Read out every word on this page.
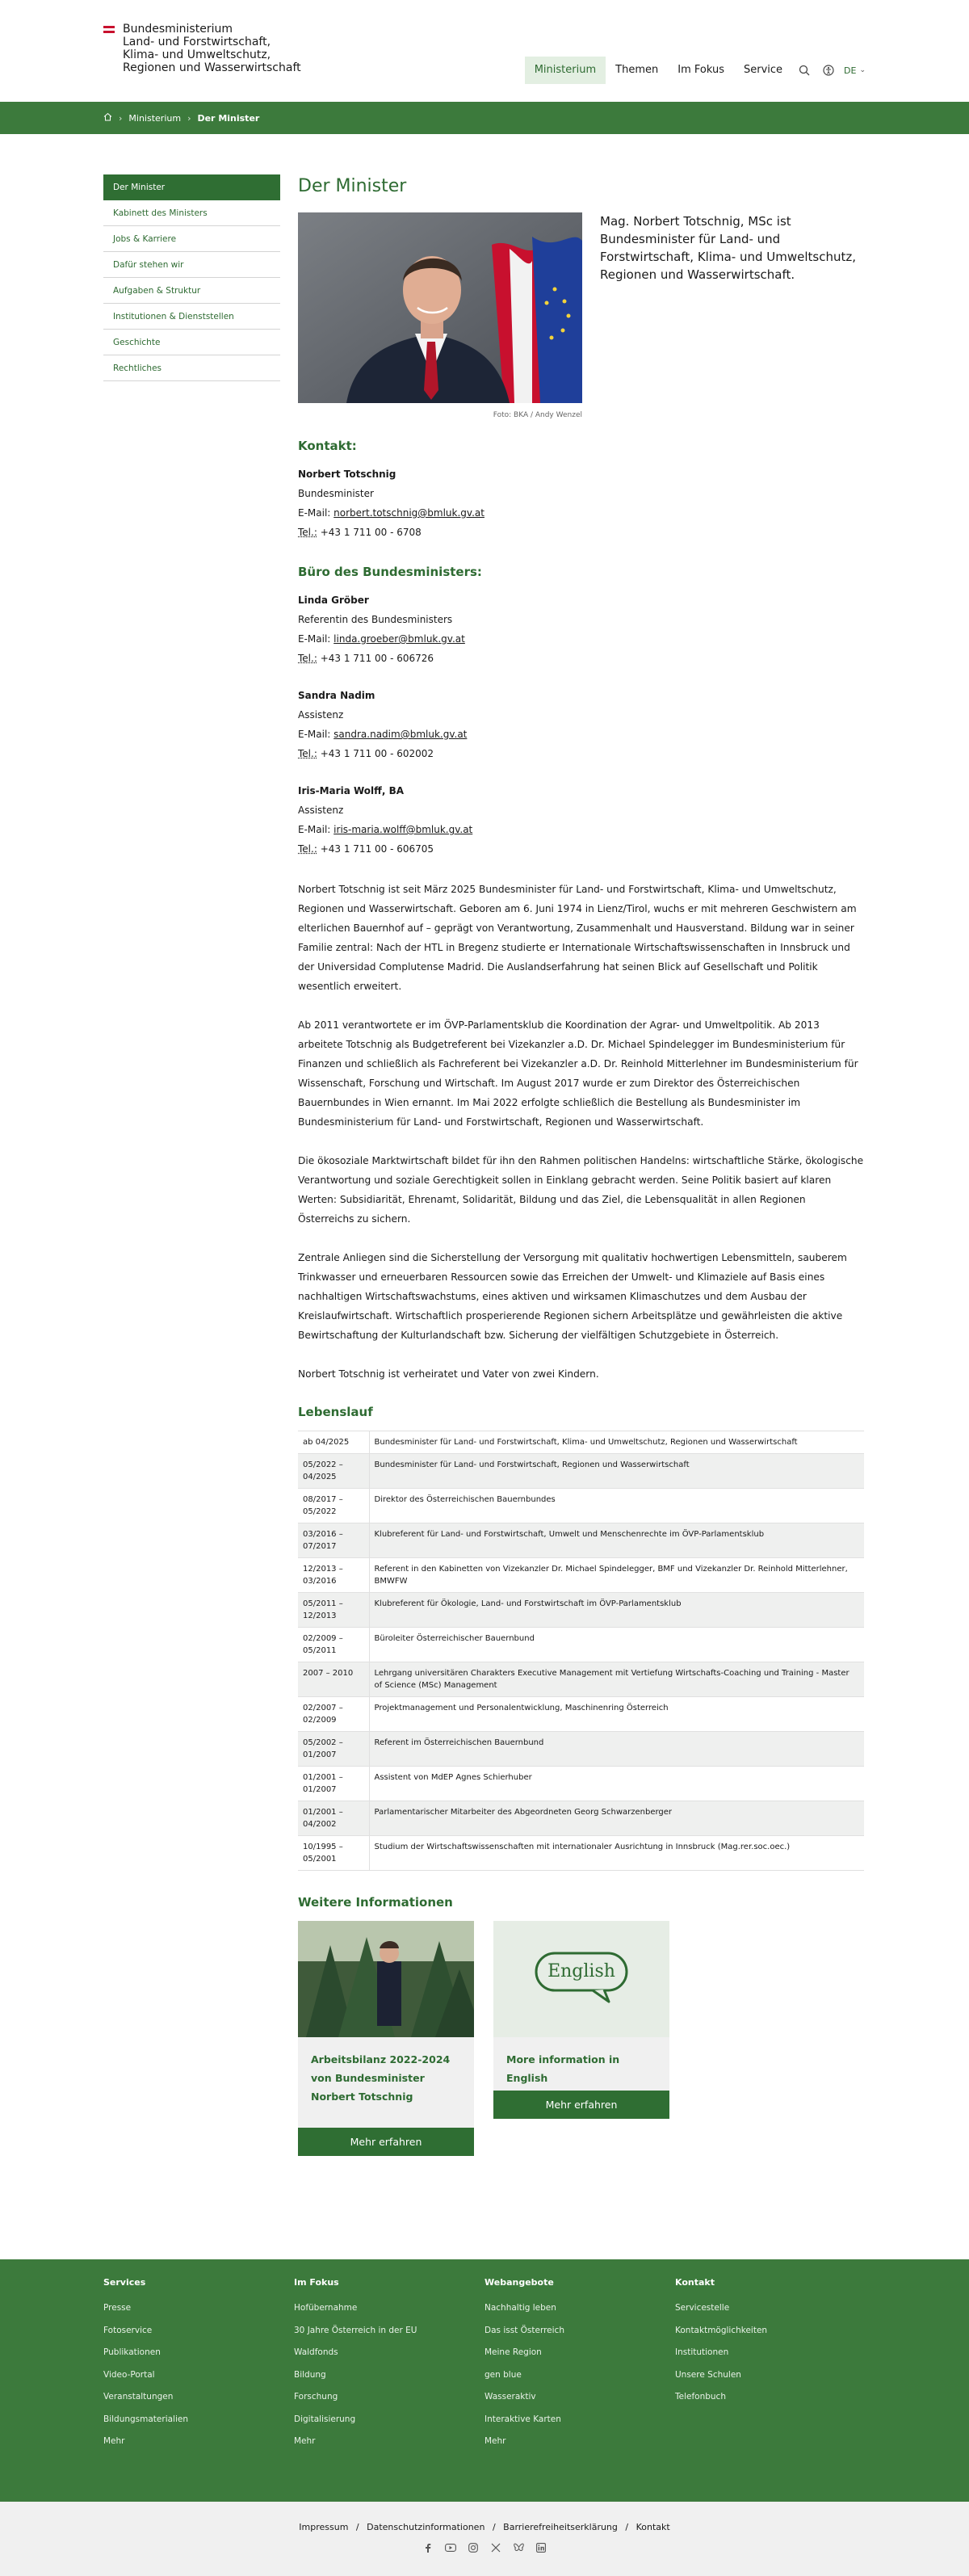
Bundesministerium
Land- und Forstwirtschaft,
Klima- und Umweltschutz,
Regionen und Wasserwirtschaft	Ministerium	Themen	Im Fokus	Service	DE ⌄
› Ministerium › Der Minister
Der Minister
Kabinett des Ministers
Jobs & Karriere
Dafür stehen wir
Aufgaben & Struktur
Institutionen & Dienststellen
Geschichte
Rechtliches
Der Minister
Foto: BKA / Andy Wenzel

Mag. Norbert Totschnig, MSc ist Bundesminister für Land- und Forstwirtschaft, Klima- und Umweltschutz, Regionen und Wasserwirtschaft.

Kontakt:
Norbert Totschnig
Bundesminister
E-Mail: norbert.totschnig@bmluk.gv.at
Tel.: +43 1 711 00 - 6708
Büro des Bundesministers:
Linda Gröber
Referentin des Bundesministers
E-Mail: linda.groeber@bmluk.gv.at
Tel.: +43 1 711 00 - 606726
Sandra Nadim
Assistenz
E-Mail: sandra.nadim@bmluk.gv.at
Tel.: +43 1 711 00 - 602002
Iris-Maria Wolff, BA
Assistenz
E-Mail: iris-maria.wolff@bmluk.gv.at
Tel.: +43 1 711 00 - 606705

Norbert Totschnig ist seit März 2025 Bundesminister für Land- und Forstwirtschaft, Klima- und Umweltschutz, Regionen und Wasserwirtschaft. Geboren am 6. Juni 1974 in Lienz/Tirol, wuchs er mit mehreren Geschwistern am elterlichen Bauernhof auf – geprägt von Verantwortung, Zusammenhalt und Hausverstand. Bildung war in seiner Familie zentral: Nach der HTL in Bregenz studierte er Internationale Wirtschaftswissenschaften in Innsbruck und der Universidad Complutense Madrid. Die Auslandserfahrung hat seinen Blick auf Gesellschaft und Politik wesentlich erweitert.

Ab 2011 verantwortete er im ÖVP-Parlamentsklub die Koordination der Agrar- und Umweltpolitik. Ab 2013 arbeitete Totschnig als Budgetreferent bei Vizekanzler a.D. Dr. Michael Spindelegger im Bundesministerium für Finanzen und schließlich als Fachreferent bei Vizekanzler a.D. Dr. Reinhold Mitterlehner im Bundesministerium für Wissenschaft, Forschung und Wirtschaft. Im August 2017 wurde er zum Direktor des Österreichischen Bauernbundes in Wien ernannt. Im Mai 2022 erfolgte schließlich die Bestellung als Bundesminister im Bundesministerium für Land- und Forstwirtschaft, Regionen und Wasserwirtschaft.

Die ökosoziale Marktwirtschaft bildet für ihn den Rahmen politischen Handelns: wirtschaftliche Stärke, ökologische Verantwortung und soziale Gerechtigkeit sollen in Einklang gebracht werden. Seine Politik basiert auf klaren Werten: Subsidiarität, Ehrenamt, Solidarität, Bildung und das Ziel, die Lebensqualität in allen Regionen Österreichs zu sichern.

Zentrale Anliegen sind die Sicherstellung der Versorgung mit qualitativ hochwertigen Lebensmitteln, sauberem Trinkwasser und erneuerbaren Ressourcen sowie das Erreichen der Umwelt- und Klimaziele auf Basis eines nachhaltigen Wirtschaftswachstums, eines aktiven und wirksamen Klimaschutzes und dem Ausbau der Kreislaufwirtschaft. Wirtschaftlich prosperierende Regionen sichern Arbeitsplätze und gewährleisten die aktive Bewirtschaftung der Kulturlandschaft bzw. Sicherung der vielfältigen Schutzgebiete in Österreich.

Norbert Totschnig ist verheiratet und Vater von zwei Kindern.

Lebenslauf
ab 04/2025	Bundesminister für Land- und Forstwirtschaft, Klima- und Umweltschutz, Regionen und Wasserwirtschaft
05/2022 – 04/2025	Bundesminister für Land- und Forstwirtschaft, Regionen und Wasserwirtschaft
08/2017 – 05/2022	Direktor des Österreichischen Bauernbundes
03/2016 – 07/2017	Klubreferent für Land- und Forstwirtschaft, Umwelt und Menschenrechte im ÖVP-Parlamentsklub
12/2013 – 03/2016	Referent in den Kabinetten von Vizekanzler Dr. Michael Spindelegger, BMF und Vizekanzler Dr. Reinhold Mitterlehner, BMWFW
05/2011 – 12/2013	Klubreferent für Ökologie, Land- und Forstwirtschaft im ÖVP-Parlamentsklub
02/2009 – 05/2011	Büroleiter Österreichischer Bauernbund
2007 – 2010	Lehrgang universitären Charakters Executive Management mit Vertiefung Wirtschafts-Coaching und Training - Master of Science (MSc) Management
02/2007 – 02/2009	Projektmanagement und Personalentwicklung, Maschinenring Österreich
05/2002 – 01/2007	Referent im Österreichischen Bauernbund
01/2001 – 01/2007	Assistent von MdEP Agnes Schierhuber
01/2001 – 04/2002	Parlamentarischer Mitarbeiter des Abgeordneten Georg Schwarzenberger
10/1995 – 05/2001	Studium der Wirtschaftswissenschaften mit internationaler Ausrichtung in Innsbruck (Mag.rer.soc.oec.)
Weitere Informationen
Arbeitsbilanz 2022-2024 von Bundesminister Norbert Totschnig
Mehr erfahren
English
More information in English
Mehr erfahren
Services
Presse
Fotoservice
Publikationen
Video-Portal
Veranstaltungen
Bildungsmaterialien
Mehr
Im Fokus
Hofübernahme
30 Jahre Österreich in der EU
Waldfonds
Bildung
Forschung
Digitalisierung
Mehr
Webangebote
Nachhaltig leben
Das isst Österreich
Meine Region
gen blue
Wasseraktiv
Interaktive Karten
Mehr
Kontakt
Servicestelle
Kontaktmöglichkeiten
Institutionen
Unsere Schulen
Telefonbuch
Impressum / Datenschutzinformationen / Barrierefreiheitserklärung / Kontakt
